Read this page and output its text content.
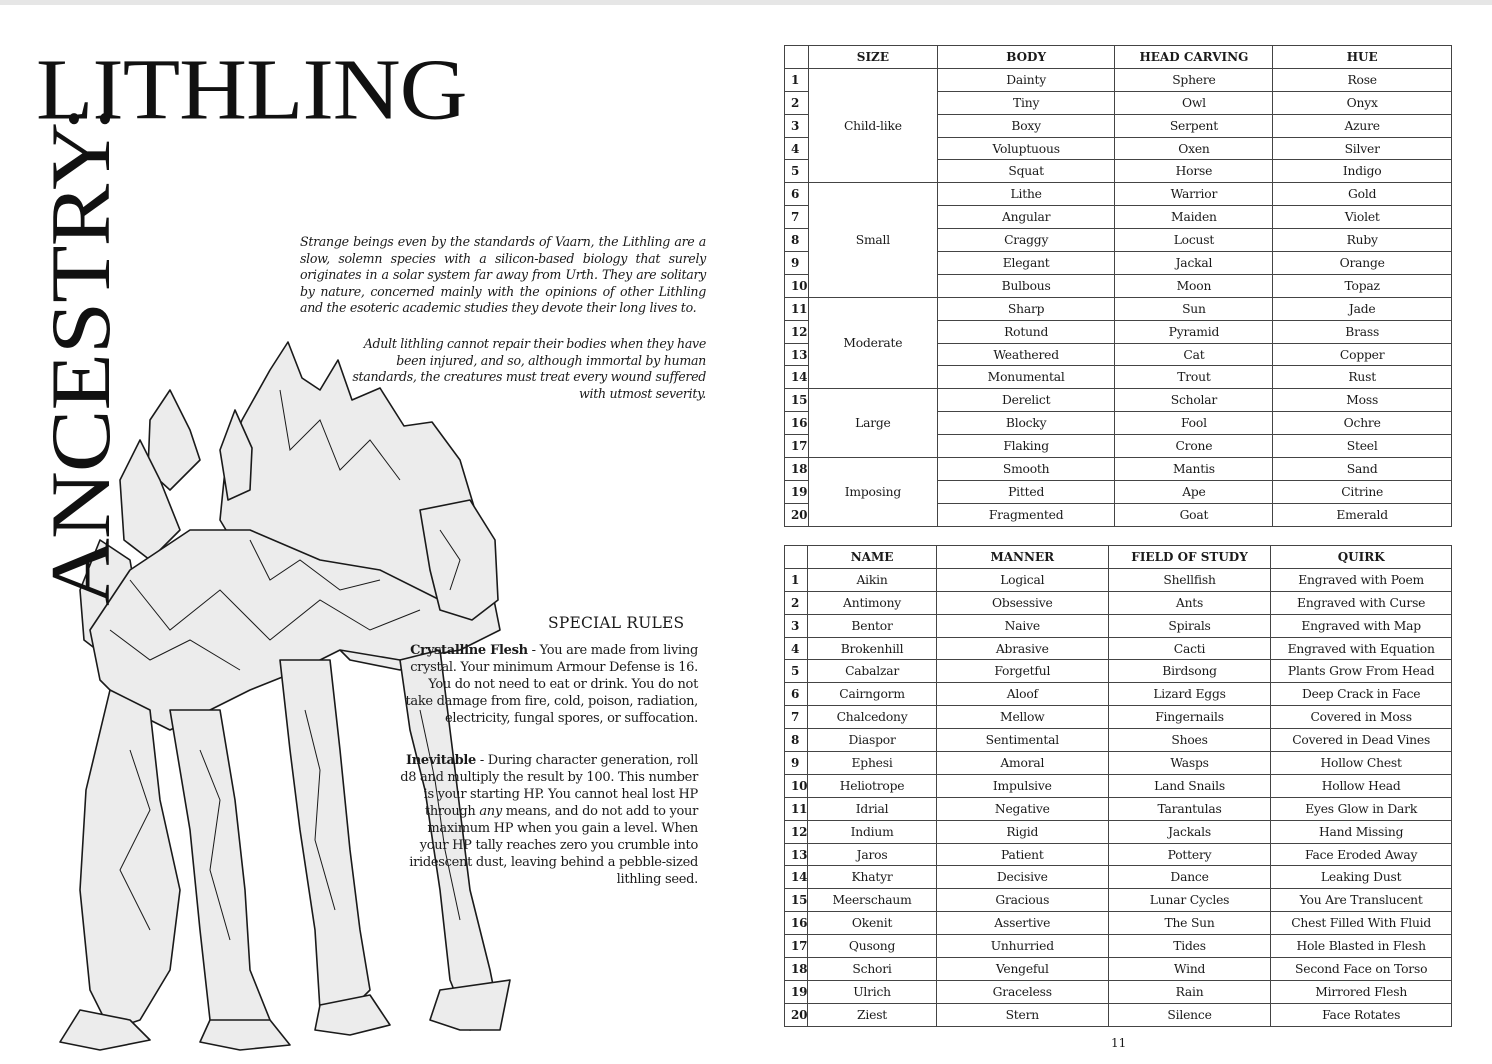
LITHLING
ANCESTRY:	Strange beings even by the standards of Vaarn, the Lithling are a slow, solemn species with a silicon-based biology that surely originates in a solar system far away from Urth. They are solitary by nature, concerned mainly with the opinions of other Lithling and the esoteric academic studies they devote their long lives to.

Adult lithling cannot repair their bodies when they have been injured, and so, although immortal by human standards, the creatures must treat every wound suffered with utmost severity.

SPECIAL RULES

Crystalline Flesh - You are made from living crystal. Your minimum Armour Defense is 16. You do not need to eat or drink. You do not take damage from fire, cold, poison, radiation, electricity, fungal spores, or suffocation.

Inevitable - During character generation, roll d8 and multiply the result by 100. This number is your starting HP. You cannot heal lost HP through any means, and do not add to your maximum HP when you gain a level. When your HP tally reaches zero you crumble into iridescent dust, leaving behind a pebble-sized lithling seed.

	SIZE	BODY	HEAD CARVING	HUE
1	Child-like	Dainty	Sphere	Rose
2		Tiny	Owl	Onyx
3		Boxy	Serpent	Azure
4		Voluptuous	Oxen	Silver
5		Squat	Horse	Indigo
6	Small	Lithe	Warrior	Gold
7		Angular	Maiden	Violet
8		Craggy	Locust	Ruby
9		Elegant	Jackal	Orange
10		Bulbous	Moon	Topaz
11	Moderate	Sharp	Sun	Jade
12		Rotund	Pyramid	Brass
13		Weathered	Cat	Copper
14		Monumental	Trout	Rust
15	Large	Derelict	Scholar	Moss
16		Blocky	Fool	Ochre
17		Flaking	Crone	Steel
18	Imposing	Smooth	Mantis	Sand
19		Pitted	Ape	Citrine
20		Fragmented	Goat	Emerald
	NAME	MANNER	FIELD OF STUDY	QUIRK
1	Aikin	Logical	Shellfish	Engraved with Poem
2	Antimony	Obsessive	Ants	Engraved with Curse
3	Bentor	Naive	Spirals	Engraved with Map
4	Brokenhill	Abrasive	Cacti	Engraved with Equation
5	Cabalzar	Forgetful	Birdsong	Plants Grow From Head
6	Cairngorm	Aloof	Lizard Eggs	Deep Crack in Face
7	Chalcedony	Mellow	Fingernails	Covered in Moss
8	Diaspor	Sentimental	Shoes	Covered in Dead Vines
9	Ephesi	Amoral	Wasps	Hollow Chest
10	Heliotrope	Impulsive	Land Snails	Hollow Head
11	Idrial	Negative	Tarantulas	Eyes Glow in Dark
12	Indium	Rigid	Jackals	Hand Missing
13	Jaros	Patient	Pottery	Face Eroded Away
14	Khatyr	Decisive	Dance	Leaking Dust
15	Meerschaum	Gracious	Lunar Cycles	You Are Translucent
16	Okenit	Assertive	The Sun	Chest Filled With Fluid
17	Qusong	Unhurried	Tides	Hole Blasted in Flesh
18	Schori	Vengeful	Wind	Second Face on Torso
19	Ulrich	Graceless	Rain	Mirrored Flesh
20	Ziest	Stern	Silence	Face Rotates
11
